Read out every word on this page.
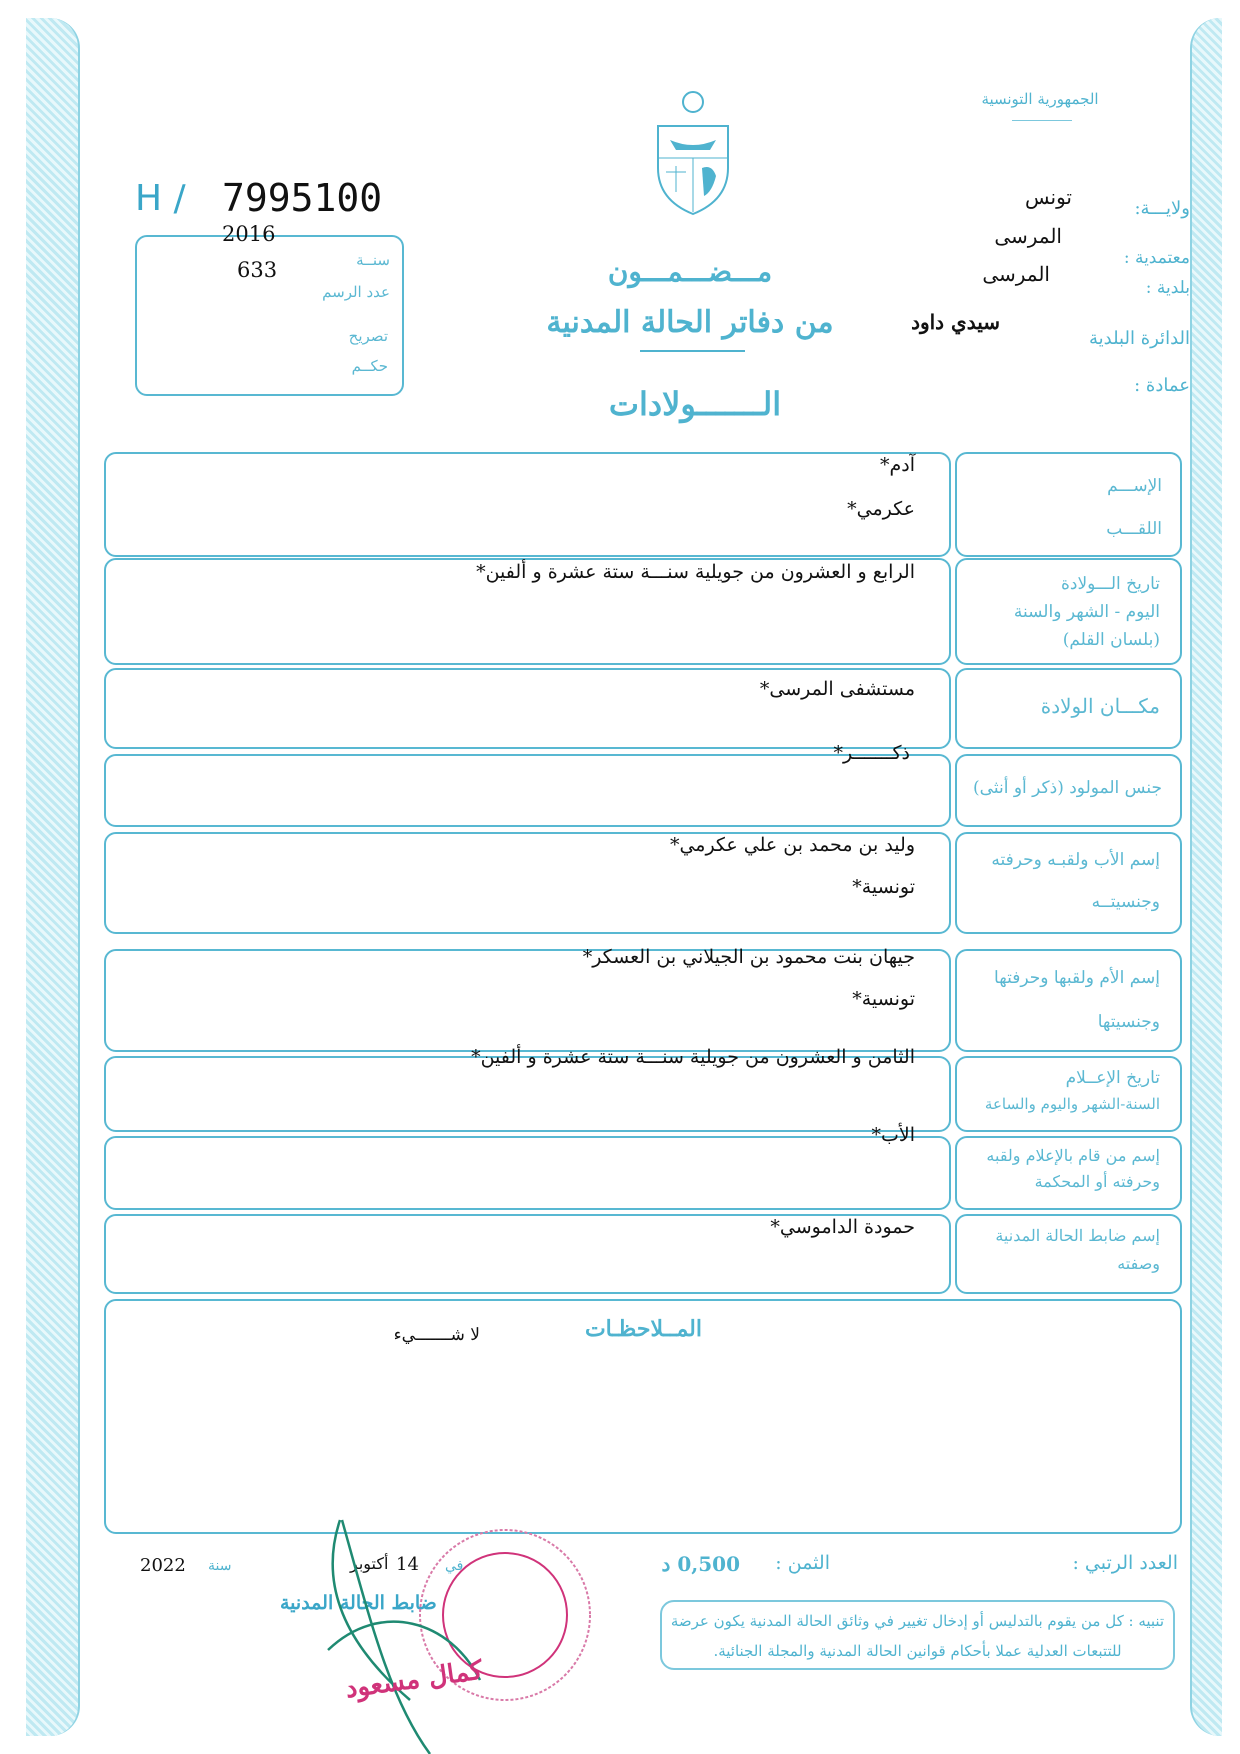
الجمهورية التونسية
ولايـــة:
تونس
المرسى
معتمدية :
المرسى
بلدية :
سيدي داود
الدائرة البلدية
عمادة :
H / 7995100
2016
633	سنــة
عدد الرسم
تصريح
حكــم
مـــضـــمـــون
من دفاتر الحالة المدنية
الـــــــولادات
الإســـم
اللقـــب
آدم*
عكرمي*
تاريخ الـــولادة
اليوم - الشهر والسنة
(بلسان القلم)
الرابع و العشرون من جويلية سنـــة ستة عشرة و ألفين*
مكـــان الولادة
مستشفى المرسى*
جنس المولود (ذكر أو أنثى)
ذكـــــــر*
إسم الأب ولقبـه وحرفته
وجنسيتــه
وليد بن محمد بن علي عكرمي*
تونسية*
إسم الأم ولقبها وحرفتها
وجنسيتها
جيهان بنت محمود بن الجيلاني بن العسكر*
تونسية*
تاريخ الإعــلام
السنة-الشهر واليوم والساعة
الثامن و العشرون من جويلية سنـــة ستة عشرة و ألفين*
إسم من قام بالإعلام ولقبه
وحرفته أو المحكمة
الأب*
إسم ضابط الحالة المدنية
وصفته
حمودة الداموسي*
المــلاحظـات
لا شـــــــيء
العدد الرتبي :
الثمن :
0,500 د
في
14
أكتوبر
سنة
2022
ضابط الحالة المدنية
كمال مسعود
تنبيه : كل من يقوم بالتدليس أو إدخال تغيير في وثائق الحالة المدنية يكون عرضة للتتبعات العدلية عملا بأحكام قوانين الحالة المدنية والمجلة الجنائية.
